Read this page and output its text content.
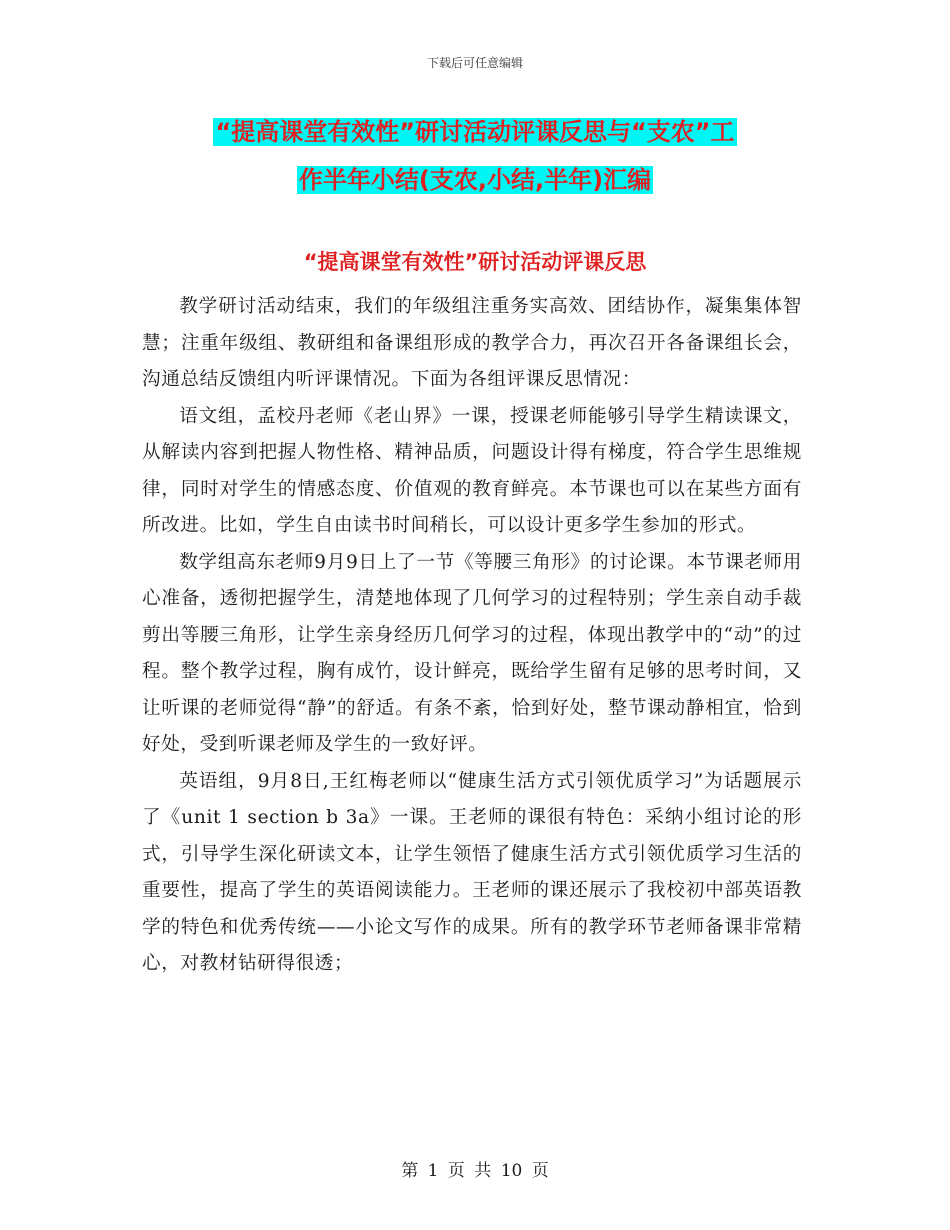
下载后可任意编辑
“提高课堂有效性”研讨活动评课反思与“支农”工
作半年小结(支农,小结,半年)汇编
“提高课堂有效性”研讨活动评课反思

教学研讨活动结束，我们的年级组注重务实高效、团结协作，凝集集体智慧；注重年级组、教研组和备课组形成的教学合力，再次召开各备课组长会，沟通总结反馈组内听评课情况。下面为各组评课反思情况：

语文组，孟校丹老师《老山界》一课，授课老师能够引导学生精读课文，从解读内容到把握人物性格、精神品质，问题设计得有梯度，符合学生思维规律，同时对学生的情感态度、价值观的教育鲜亮。本节课也可以在某些方面有所改进。比如，学生自由读书时间稍长，可以设计更多学生参加的形式。

数学组高东老师9月9日上了一节《等腰三角形》的讨论课。本节课老师用心准备，透彻把握学生，清楚地体现了几何学习的过程特别；学生亲自动手裁剪出等腰三角形，让学生亲身经历几何学习的过程，体现出教学中的“动”的过程。整个教学过程，胸有成竹，设计鲜亮，既给学生留有足够的思考时间，又让听课的老师觉得“静”的舒适。有条不紊，恰到好处，整节课动静相宜，恰到好处，受到听课老师及学生的一致好评。

英语组，9月8日,王红梅老师以“健康生活方式引领优质学习”为话题展示了《unit 1 section b 3a》一课。王老师的课很有特色：采纳小组讨论的形式，引导学生深化研读文本，让学生领悟了健康生活方式引领优质学习生活的重要性，提高了学生的英语阅读能力。王老师的课还展示了我校初中部英语教学的特色和优秀传统——小论文写作的成果。所有的教学环节老师备课非常精心，对教材钻研得很透；

第 1 页 共 10 页
